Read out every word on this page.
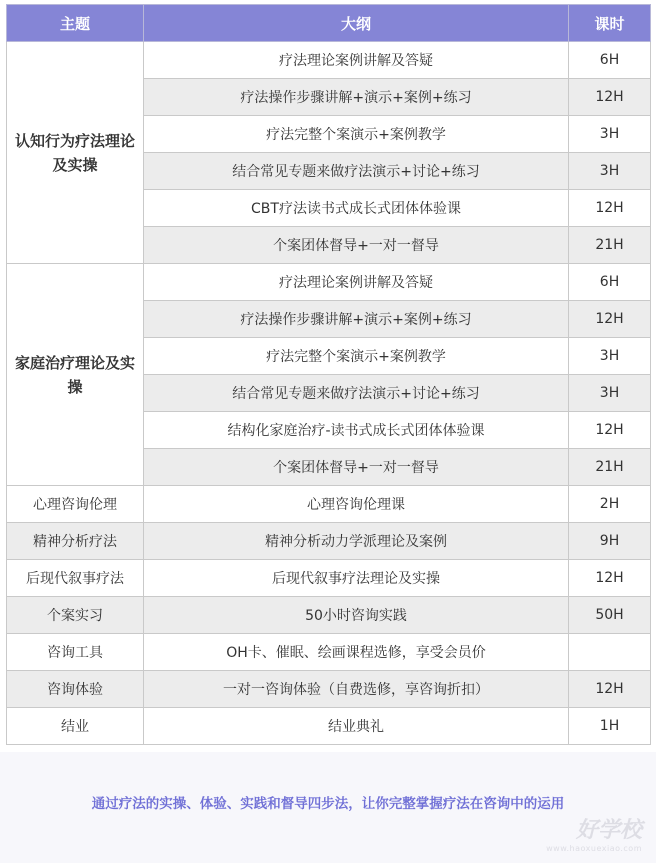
主题	大纲	课时
认知行为疗法理论及实操	疗法理论案例讲解及答疑	6H
	疗法操作步骤讲解+演示+案例+练习	12H
	疗法完整个案演示+案例教学	3H
	结合常见专题来做疗法演示+讨论+练习	3H
	CBT疗法读书式成长式团体体验课	12H
	个案团体督导+一对一督导	21H
家庭治疗理论及实操	疗法理论案例讲解及答疑	6H
	疗法操作步骤讲解+演示+案例+练习	12H
	疗法完整个案演示+案例教学	3H
	结合常见专题来做疗法演示+讨论+练习	3H
	结构化家庭治疗-读书式成长式团体体验课	12H
	个案团体督导+一对一督导	21H
心理咨询伦理	心理咨询伦理课	2H
精神分析疗法	精神分析动力学派理论及案例	9H
后现代叙事疗法	后现代叙事疗法理论及实操	12H
个案实习	50小时咨询实践	50H
咨询工具	OH卡、催眠、绘画课程选修，享受会员价	
咨询体验	一对一咨询体验（自费选修，享咨询折扣）	12H
结业	结业典礼	1H
通过疗法的实操、体验、实践和督导四步法，让你完整掌握疗法在咨询中的运用
好学校
www.haoxuexiao.com
